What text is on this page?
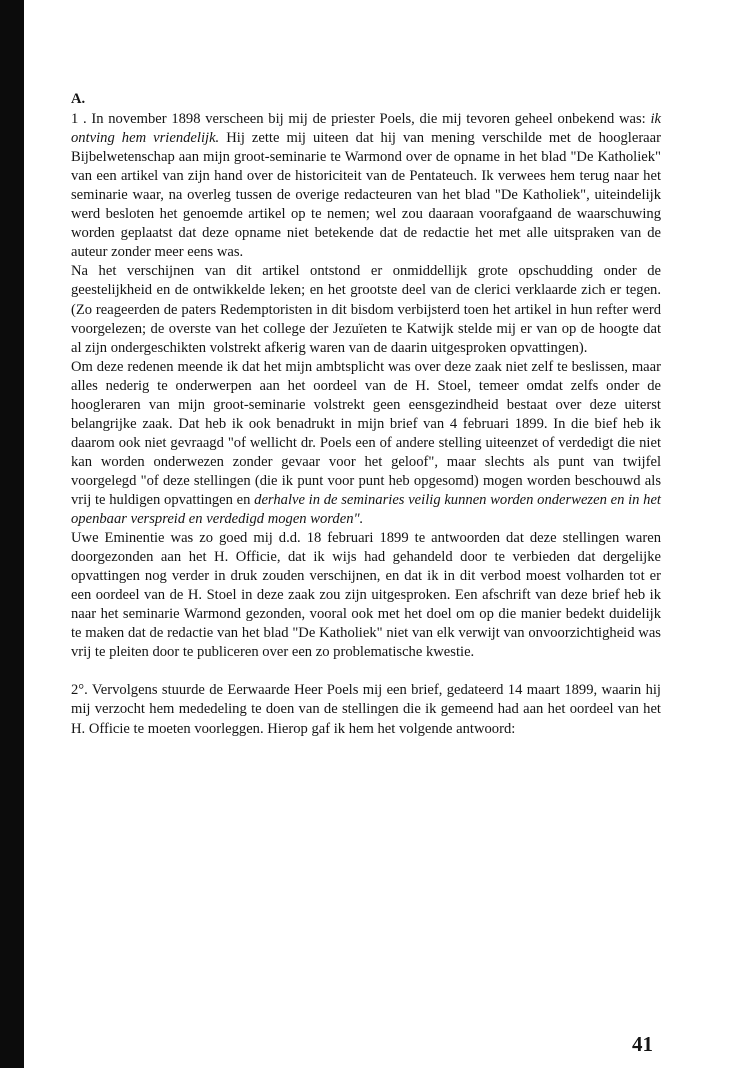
A.

1 . In november 1898 verscheen bij mij de priester Poels, die mij tevoren geheel onbekend was: ik ontving hem vriendelijk. Hij zette mij uiteen dat hij van mening verschilde met de hoogleraar Bijbelwetenschap aan mijn groot-seminarie te Warmond over de opname in het blad "De Katholiek" van een artikel van zijn hand over de historiciteit van de Pentateuch. Ik verwees hem terug naar het seminarie waar, na overleg tussen de overige redacteuren van het blad "De Katholiek", uiteindelijk werd besloten het genoemde artikel op te nemen; wel zou daaraan voorafgaand de waarschuwing worden geplaatst dat deze opname niet betekende dat de redactie het met alle uitspraken van de auteur zonder meer eens was.

Na het verschijnen van dit artikel ontstond er onmiddellijk grote opschudding onder de geestelijkheid en de ontwikkelde leken; en het grootste deel van de clerici verklaarde zich er tegen. (Zo reageerden de paters Redemptoristen in dit bisdom verbijsterd toen het artikel in hun refter werd voorgelezen; de overste van het college der Jezuïeten te Katwijk stelde mij er van op de hoogte dat al zijn ondergeschikten volstrekt afkerig waren van de daarin uitgesproken opvattingen).

Om deze redenen meende ik dat het mijn ambtsplicht was over deze zaak niet zelf te beslissen, maar alles nederig te onderwerpen aan het oordeel van de H. Stoel, temeer omdat zelfs onder de hoogleraren van mijn groot-seminarie volstrekt geen eensgezindheid bestaat over deze uiterst belangrijke zaak. Dat heb ik ook benadrukt in mijn brief van 4 februari 1899. In die bief heb ik daarom ook niet gevraagd "of wellicht dr. Poels een of andere stelling uiteenzet of verdedigt die niet kan worden onderwezen zonder gevaar voor het geloof", maar slechts als punt van twijfel voorgelegd "of deze stellingen (die ik punt voor punt heb opgesomd) mogen worden beschouwd als vrij te huldigen opvattingen en derhalve in de seminaries veilig kunnen worden onderwezen en in het openbaar verspreid en verdedigd mogen worden".

Uwe Eminentie was zo goed mij d.d. 18 februari 1899 te antwoorden dat deze stellingen waren doorgezonden aan het H. Officie, dat ik wijs had gehandeld door te verbieden dat dergelijke opvattingen nog verder in druk zouden verschijnen, en dat ik in dit verbod moest volharden tot er een oordeel van de H. Stoel in deze zaak zou zijn uitgesproken. Een afschrift van deze brief heb ik naar het seminarie Warmond gezonden, vooral ook met het doel om op die manier bedekt duidelijk te maken dat de redactie van het blad "De Katholiek" niet van elk verwijt van onvoorzichtigheid was vrij te pleiten door te publiceren over een zo problematische kwestie.

2°. Vervolgens stuurde de Eerwaarde Heer Poels mij een brief, gedateerd 14 maart 1899, waarin hij mij verzocht hem mededeling te doen van de stellingen die ik gemeend had aan het oordeel van het H. Officie te moeten voorleggen. Hierop gaf ik hem het volgende antwoord:

41
